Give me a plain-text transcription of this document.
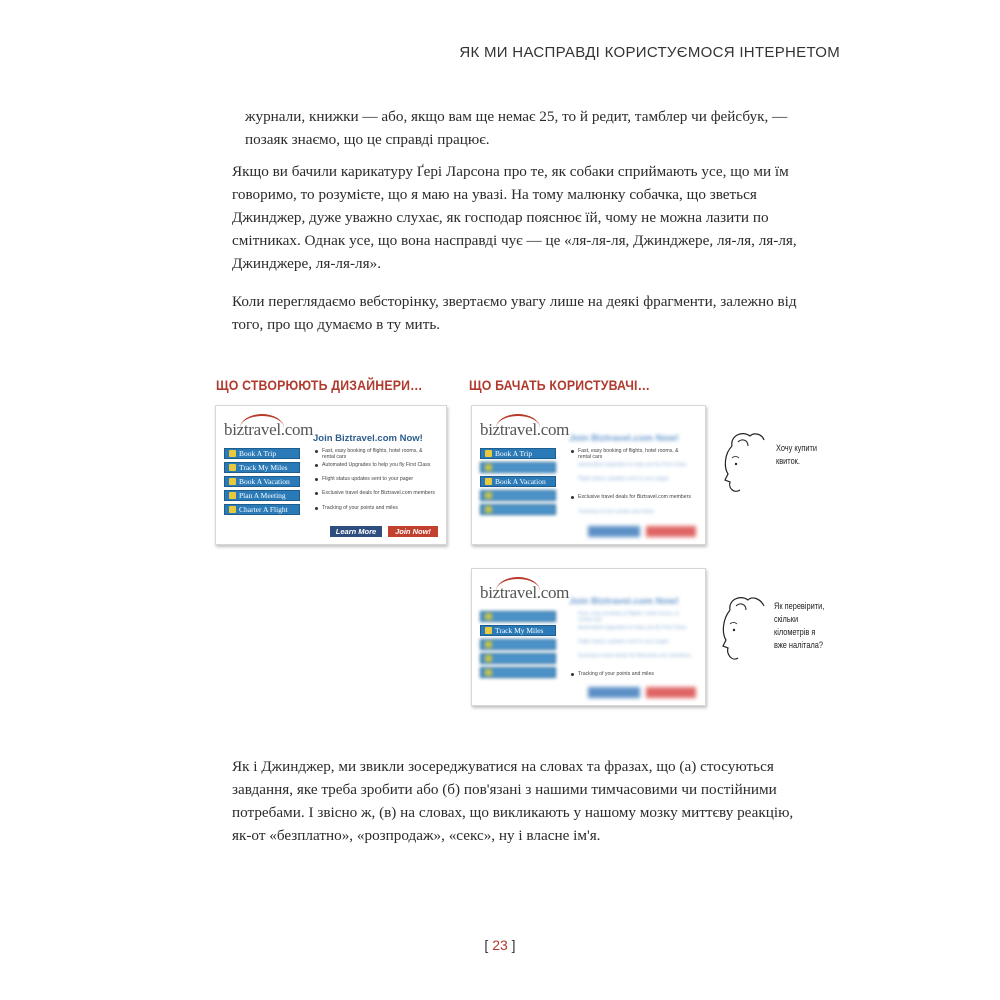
ЯК МИ НАСПРАВДІ КОРИСТУЄМОСЯ ІНТЕРНЕТОМ

журнали, книжки — або, якщо вам ще немає 25, то й редит, тамблер чи фейсбук, — позаяк знаємо, що це справді працює.

Якщо ви бачили карикатуру Ґері Ларсона про те, як собаки сприймають усе, що ми їм говоримо, то розумієте, що я маю на увазі. На тому малюнку собачка, що зветься Джинджер, дуже уважно слухає, як господар пояснює їй, чому не можна лазити по смітниках. Однак усе, що вона насправді чує — це «ля-ля-ля, Джинджере, ля-ля, ля-ля, Джинджере, ля-ля-ля».

Коли переглядаємо вебсторінку, звертаємо увагу лише на деякі фрагменти, залежно від того, про що думаємо в ту мить.

ЩО СТВОРЮЮТЬ ДИЗАЙНЕРИ…	ЩО БАЧАТЬ КОРИСТУВАЧІ…
biztravel.com
Book A Trip
Track My Miles
Book A Vacation
Plan A Meeting
Charter A Flight
Join Biztravel.com Now!
Fast, easy booking of flights, hotel rooms, & rental cars
Automated Upgrades to help you fly First Class
Flight status updates sent to your pager
Exclusive travel deals for Biztravel.com members
Tracking of your points and miles
Learn More	Join Now!
biztravel.com
Book A Trip
Book A Vacation
Join Biztravel.com Now!
Fast, easy booking of flights, hotel rooms, & rental cars
Automated Upgrades to help you fly First Class
Flight status updates sent to your pager
Exclusive travel deals for Biztravel.com members
Tracking of your points and miles
biztravel.com
Track My Miles
Join Biztravel.com Now!
Fast, easy booking of flights, hotel rooms, & rental cars
Automated Upgrades to help you fly First Class
Flight status updates sent to your pager
Exclusive travel deals for Biztravel.com members
Tracking of your points and miles
Хочу купити
квиток.
Як перевірити,
скільки
кілометрів я
вже налітала?

Як і Джинджер, ми звикли зосереджуватися на словах та фразах, що (а) стосуються завдання, яке треба зробити або (б) пов'язані з нашими тимчасовими чи постійними потребами. І звісно ж, (в) на словах, що викликають у нашому мозку миттєву реакцію, як-от «безплатно», «розпродаж», «секс», ну і власне ім'я.

[ 23 ]
